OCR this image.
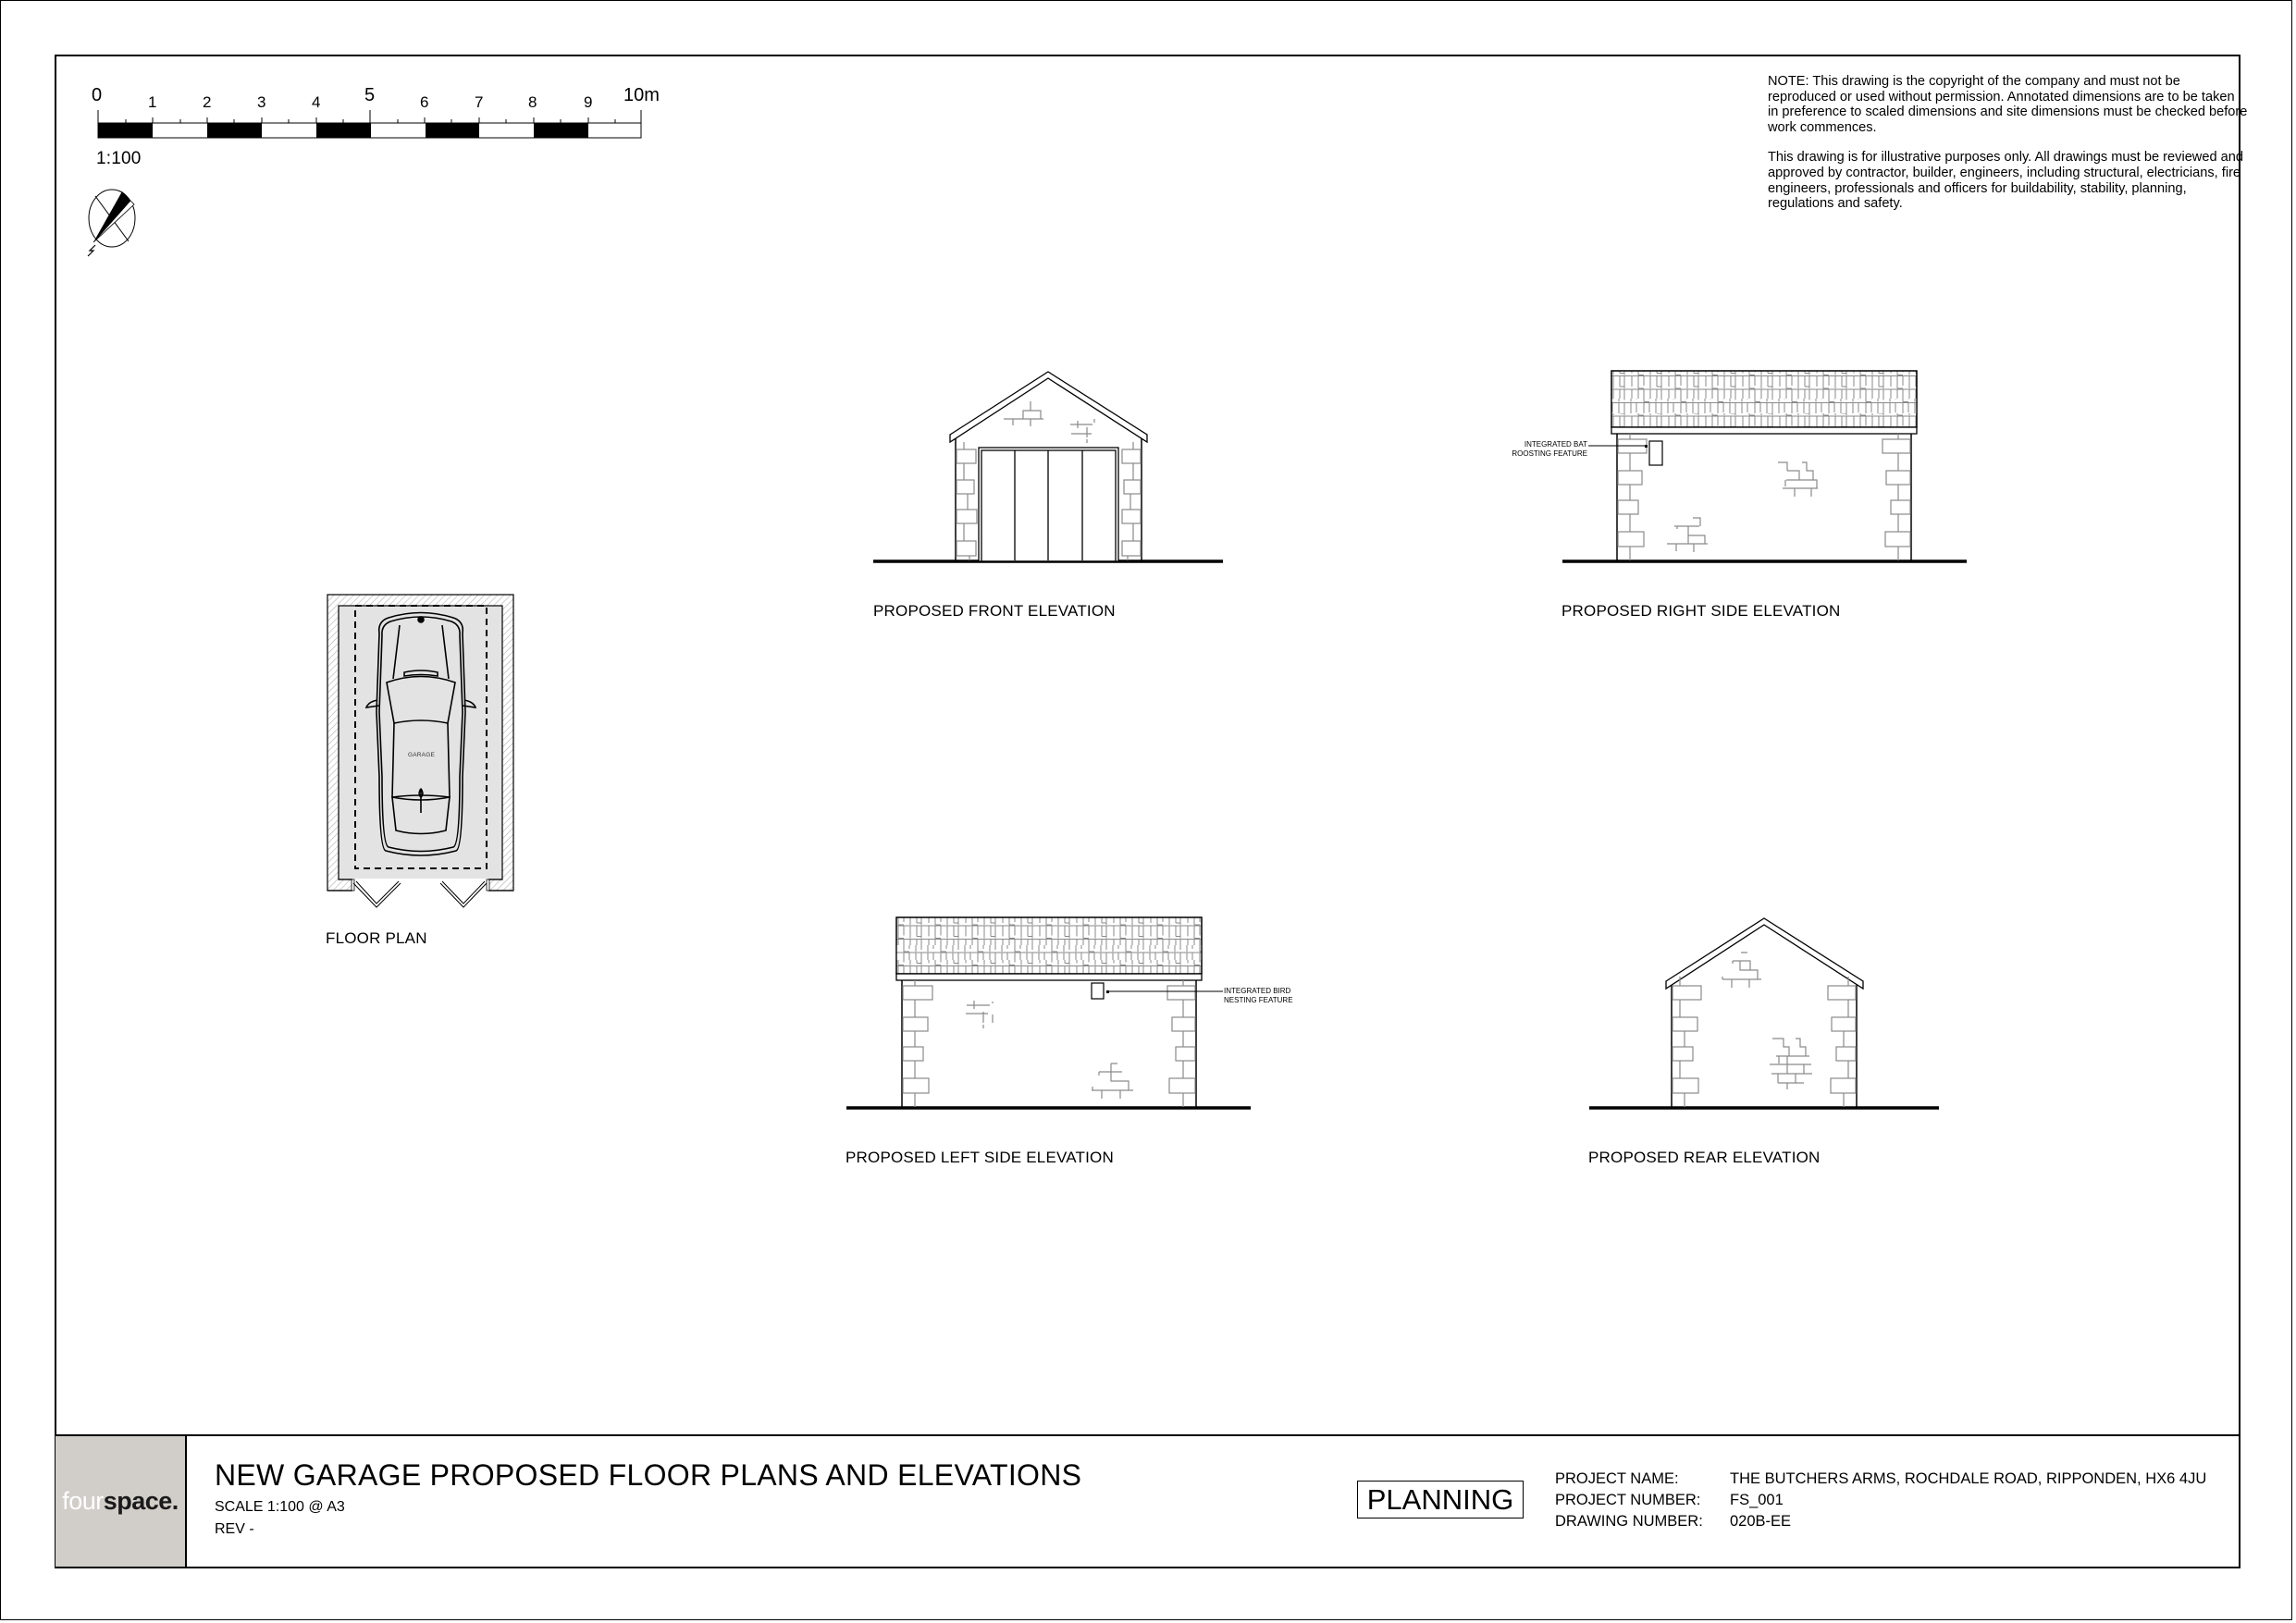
0	1	2	3	4 5	6	7	8	9 10m
1:100

NOTE: This drawing is the copyright of the company and must not be reproduced or used without permission. Annotated dimensions are to be taken in preference to scaled dimensions and site dimensions must be checked before work commences.

This drawing is for illustrative purposes only. All drawings must be reviewed and approved by contractor, builder, engineers, including structural, electricians, fire engineers, professionals and officers for buildability, stability, planning, regulations and safety.

FLOOR PLAN
GARAGE
PROPOSED FRONT ELEVATION	PROPOSED RIGHT SIDE ELEVATION
PROPOSED LEFT SIDE ELEVATION	PROPOSED REAR ELEVATION
INTEGRATED BAT
ROOSTING FEATURE
INTEGRATED BIRD
NESTING FEATURE
four space.
NEW GARAGE PROPOSED FLOOR PLANS AND ELEVATIONS
SCALE 1:100 @ A3
REV -
PLANNING
PROJECT NAME:	THE BUTCHERS ARMS, ROCHDALE ROAD, RIPPONDEN, HX6 4JU
PROJECT NUMBER: FS_001
DRAWING NUMBER: 020B-EE
